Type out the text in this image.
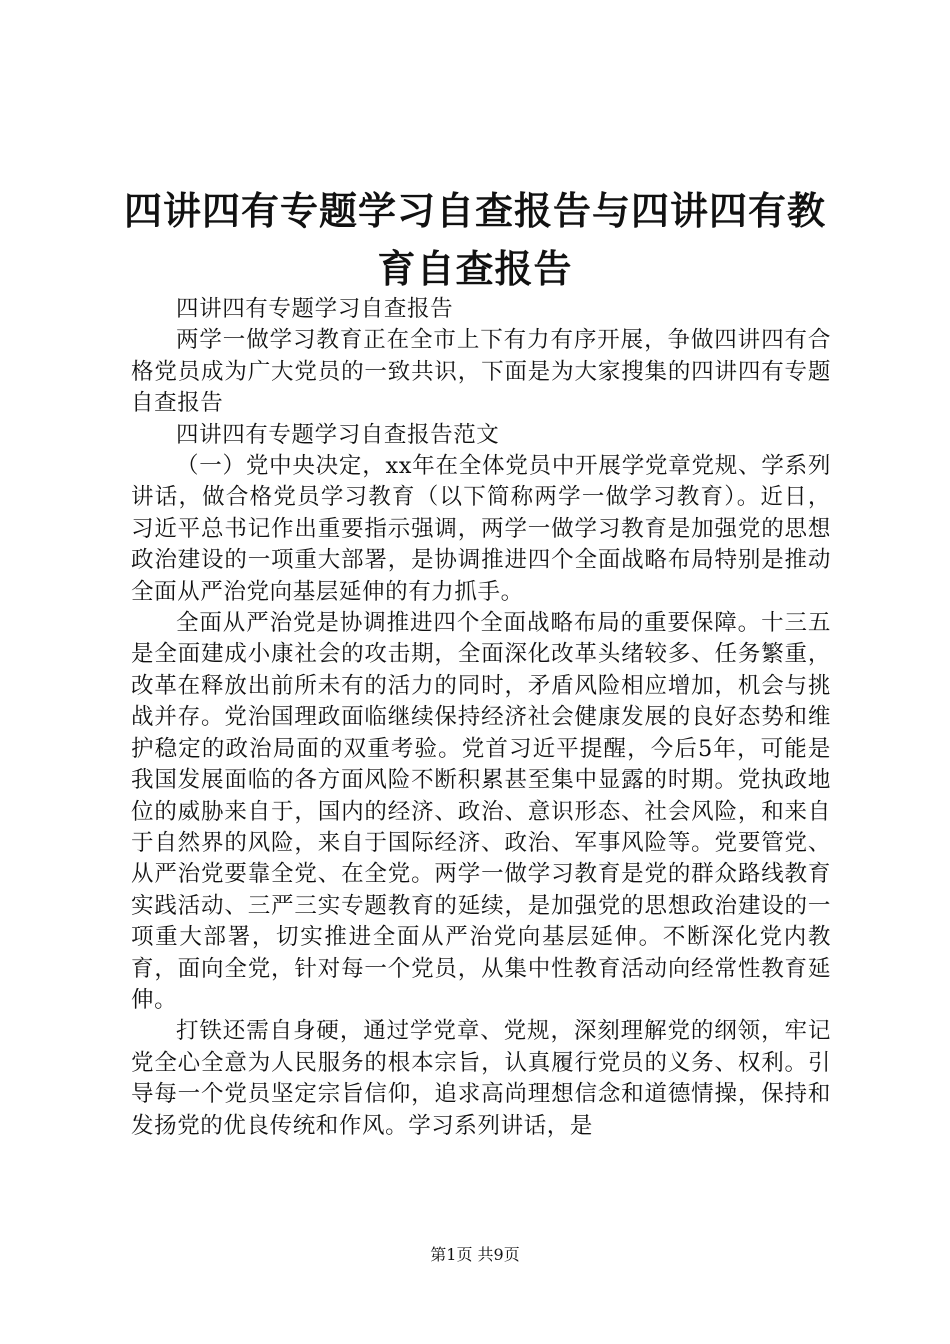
四讲四有专题学习自查报告与四讲四有教育自查报告

四讲四有专题学习自查报告

两学一做学习教育正在全市上下有力有序开展，争做四讲四有合格党员成为广大党员的一致共识，下面是为大家搜集的四讲四有专题自查报告

四讲四有专题学习自查报告范文

（一）党中央决定，xx年在全体党员中开展学党章党规、学系列讲话，做合格党员学习教育（以下简称两学一做学习教育）。近日，习近平总书记作出重要指示强调，两学一做学习教育是加强党的思想政治建设的一项重大部署，是协调推进四个全面战略布局特别是推动全面从严治党向基层延伸的有力抓手。

全面从严治党是协调推进四个全面战略布局的重要保障。十三五是全面建成小康社会的攻击期，全面深化改革头绪较多、任务繁重，改革在释放出前所未有的活力的同时，矛盾风险相应增加，机会与挑战并存。党治国理政面临继续保持经济社会健康发展的良好态势和维护稳定的政治局面的双重考验。党首习近平提醒，今后5年，可能是我国发展面临的各方面风险不断积累甚至集中显露的时期。党执政地位的威胁来自于，国内的经济、政治、意识形态、社会风险，和来自于自然界的风险，来自于国际经济、政治、军事风险等。党要管党、从严治党要靠全党、在全党。两学一做学习教育是党的群众路线教育实践活动、三严三实专题教育的延续，是加强党的思想政治建设的一项重大部署，切实推进全面从严治党向基层延伸。不断深化党内教育，面向全党，针对每一个党员，从集中性教育活动向经常性教育延伸。

打铁还需自身硬，通过学党章、党规，深刻理解党的纲领，牢记党全心全意为人民服务的根本宗旨，认真履行党员的义务、权利。引导每一个党员坚定宗旨信仰，追求高尚理想信念和道德情操，保持和发扬党的优良传统和作风。学习系列讲话，是

第1页 共9页
